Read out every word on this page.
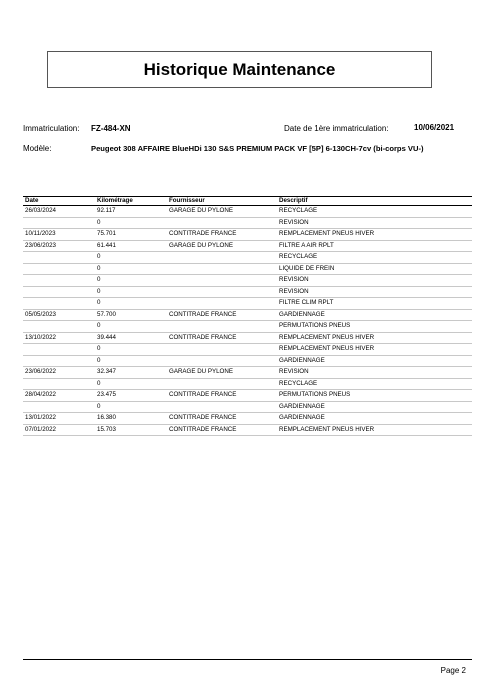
Historique Maintenance
Immatriculation: FZ-484-XN	Date de 1ère immatriculation:	10/06/2021
Modèle:	Peugeot 308 AFFAIRE BlueHDi 130 S&S PREMIUM PACK VF [5P] 6-130CH-7cv (bi-corps VU-)
Date	Kilométrage	Fournisseur	Descriptif
26/03/2024	92.117	GARAGE DU PYLONE	RECYCLAGE
	0		REVISION
10/11/2023	75.701	CONTITRADE FRANCE	REMPLACEMENT PNEUS HIVER
23/06/2023	61.441	GARAGE DU PYLONE	FILTRE A AIR RPLT
	0		RECYCLAGE
	0		LIQUIDE DE FREIN
	0		REVISION
	0		REVISION
	0		FILTRE CLIM RPLT
05/05/2023	57.700	CONTITRADE FRANCE	GARDIENNAGE
	0		PERMUTATIONS PNEUS
13/10/2022	39.444	CONTITRADE FRANCE	REMPLACEMENT PNEUS HIVER
	0		REMPLACEMENT PNEUS HIVER
	0		GARDIENNAGE
23/06/2022	32.347	GARAGE DU PYLONE	REVISION
	0		RECYCLAGE
28/04/2022	23.475	CONTITRADE FRANCE	PERMUTATIONS PNEUS
	0		GARDIENNAGE
13/01/2022	16.380	CONTITRADE FRANCE	GARDIENNAGE
07/01/2022	15.703	CONTITRADE FRANCE	REMPLACEMENT PNEUS HIVER
Page 2
